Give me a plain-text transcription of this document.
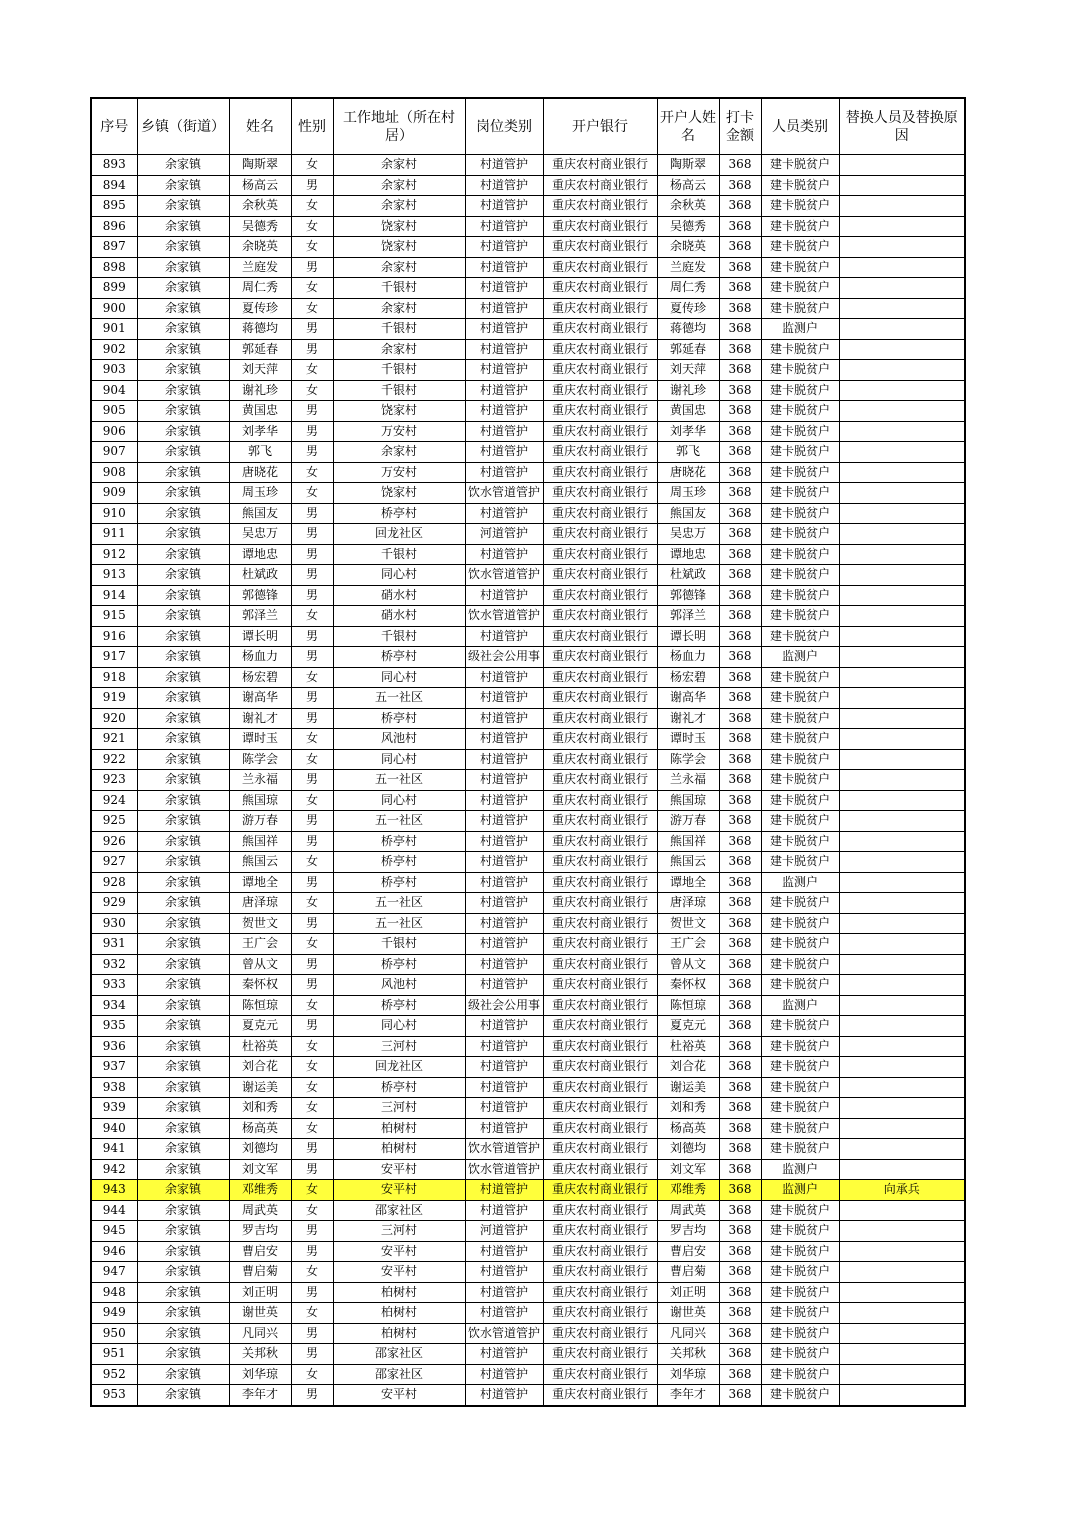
序号	乡镇（街道）	姓名	性别	工作地址（所在村居）	岗位类别	开户银行	开户人姓名	打卡金额	人员类别	替换人员及替换原因
893	余家镇	陶斯翠	女	余家村	村道管护	重庆农村商业银行	陶斯翠	368	建卡脱贫户	
894	余家镇	杨高云	男	余家村	村道管护	重庆农村商业银行	杨高云	368	建卡脱贫户	
895	余家镇	余秋英	女	余家村	村道管护	重庆农村商业银行	余秋英	368	建卡脱贫户	
896	余家镇	吴德秀	女	饶家村	村道管护	重庆农村商业银行	吴德秀	368	建卡脱贫户	
897	余家镇	余晓英	女	饶家村	村道管护	重庆农村商业银行	余晓英	368	建卡脱贫户	
898	余家镇	兰庭发	男	余家村	村道管护	重庆农村商业银行	兰庭发	368	建卡脱贫户	
899	余家镇	周仁秀	女	千银村	村道管护	重庆农村商业银行	周仁秀	368	建卡脱贫户	
900	余家镇	夏传珍	女	余家村	村道管护	重庆农村商业银行	夏传珍	368	建卡脱贫户	
901	余家镇	蒋德均	男	千银村	村道管护	重庆农村商业银行	蒋德均	368	监测户	
902	余家镇	郭延春	男	余家村	村道管护	重庆农村商业银行	郭延春	368	建卡脱贫户	
903	余家镇	刘天萍	女	千银村	村道管护	重庆农村商业银行	刘天萍	368	建卡脱贫户	
904	余家镇	谢礼珍	女	千银村	村道管护	重庆农村商业银行	谢礼珍	368	建卡脱贫户	
905	余家镇	黄国忠	男	饶家村	村道管护	重庆农村商业银行	黄国忠	368	建卡脱贫户	
906	余家镇	刘孝华	男	万安村	村道管护	重庆农村商业银行	刘孝华	368	建卡脱贫户	
907	余家镇	郭飞	男	余家村	村道管护	重庆农村商业银行	郭飞	368	建卡脱贫户	
908	余家镇	唐晓花	女	万安村	村道管护	重庆农村商业银行	唐晓花	368	建卡脱贫户	
909	余家镇	周玉珍	女	饶家村	饮水管道管护	重庆农村商业银行	周玉珍	368	建卡脱贫户	
910	余家镇	熊国友	男	桥亭村	村道管护	重庆农村商业银行	熊国友	368	建卡脱贫户	
911	余家镇	吴忠万	男	回龙社区	河道管护	重庆农村商业银行	吴忠万	368	建卡脱贫户	
912	余家镇	谭地忠	男	千银村	村道管护	重庆农村商业银行	谭地忠	368	建卡脱贫户	
913	余家镇	杜斌政	男	同心村	饮水管道管护	重庆农村商业银行	杜斌政	368	建卡脱贫户	
914	余家镇	郭德锋	男	硝水村	村道管护	重庆农村商业银行	郭德锋	368	建卡脱贫户	
915	余家镇	郭泽兰	女	硝水村	饮水管道管护	重庆农村商业银行	郭泽兰	368	建卡脱贫户	
916	余家镇	谭长明	男	千银村	村道管护	重庆农村商业银行	谭长明	368	建卡脱贫户	
917	余家镇	杨血力	男	桥亭村	级社会公用事	重庆农村商业银行	杨血力	368	监测户	
918	余家镇	杨宏碧	女	同心村	村道管护	重庆农村商业银行	杨宏碧	368	建卡脱贫户	
919	余家镇	谢高华	男	五一社区	村道管护	重庆农村商业银行	谢高华	368	建卡脱贫户	
920	余家镇	谢礼才	男	桥亭村	村道管护	重庆农村商业银行	谢礼才	368	建卡脱贫户	
921	余家镇	谭时玉	女	风池村	村道管护	重庆农村商业银行	谭时玉	368	建卡脱贫户	
922	余家镇	陈学会	女	同心村	村道管护	重庆农村商业银行	陈学会	368	建卡脱贫户	
923	余家镇	兰永福	男	五一社区	村道管护	重庆农村商业银行	兰永福	368	建卡脱贫户	
924	余家镇	熊国琼	女	同心村	村道管护	重庆农村商业银行	熊国琼	368	建卡脱贫户	
925	余家镇	游万春	男	五一社区	村道管护	重庆农村商业银行	游万春	368	建卡脱贫户	
926	余家镇	熊国祥	男	桥亭村	村道管护	重庆农村商业银行	熊国祥	368	建卡脱贫户	
927	余家镇	熊国云	女	桥亭村	村道管护	重庆农村商业银行	熊国云	368	建卡脱贫户	
928	余家镇	谭地全	男	桥亭村	村道管护	重庆农村商业银行	谭地全	368	监测户	
929	余家镇	唐泽琼	女	五一社区	村道管护	重庆农村商业银行	唐泽琼	368	建卡脱贫户	
930	余家镇	贺世文	男	五一社区	村道管护	重庆农村商业银行	贺世文	368	建卡脱贫户	
931	余家镇	王广会	女	千银村	村道管护	重庆农村商业银行	王广会	368	建卡脱贫户	
932	余家镇	曾从文	男	桥亭村	村道管护	重庆农村商业银行	曾从文	368	建卡脱贫户	
933	余家镇	秦怀权	男	风池村	村道管护	重庆农村商业银行	秦怀权	368	建卡脱贫户	
934	余家镇	陈恒琼	女	桥亭村	级社会公用事	重庆农村商业银行	陈恒琼	368	监测户	
935	余家镇	夏克元	男	同心村	村道管护	重庆农村商业银行	夏克元	368	建卡脱贫户	
936	余家镇	杜裕英	女	三河村	村道管护	重庆农村商业银行	杜裕英	368	建卡脱贫户	
937	余家镇	刘合花	女	回龙社区	村道管护	重庆农村商业银行	刘合花	368	建卡脱贫户	
938	余家镇	谢运美	女	桥亭村	村道管护	重庆农村商业银行	谢运美	368	建卡脱贫户	
939	余家镇	刘和秀	女	三河村	村道管护	重庆农村商业银行	刘和秀	368	建卡脱贫户	
940	余家镇	杨高英	女	柏树村	村道管护	重庆农村商业银行	杨高英	368	建卡脱贫户	
941	余家镇	刘德均	男	柏树村	饮水管道管护	重庆农村商业银行	刘德均	368	建卡脱贫户	
942	余家镇	刘文军	男	安平村	饮水管道管护	重庆农村商业银行	刘文军	368	监测户	
943	余家镇	邓维秀	女	安平村	村道管护	重庆农村商业银行	邓维秀	368	监测户	向承兵
944	余家镇	周武英	女	邵家社区	村道管护	重庆农村商业银行	周武英	368	建卡脱贫户	
945	余家镇	罗吉均	男	三河村	河道管护	重庆农村商业银行	罗吉均	368	建卡脱贫户	
946	余家镇	曹启安	男	安平村	村道管护	重庆农村商业银行	曹启安	368	建卡脱贫户	
947	余家镇	曹启菊	女	安平村	村道管护	重庆农村商业银行	曹启菊	368	建卡脱贫户	
948	余家镇	刘正明	男	柏树村	村道管护	重庆农村商业银行	刘正明	368	建卡脱贫户	
949	余家镇	谢世英	女	柏树村	村道管护	重庆农村商业银行	谢世英	368	建卡脱贫户	
950	余家镇	凡同兴	男	柏树村	饮水管道管护	重庆农村商业银行	凡同兴	368	建卡脱贫户	
951	余家镇	关邦秋	男	邵家社区	村道管护	重庆农村商业银行	关邦秋	368	建卡脱贫户	
952	余家镇	刘华琼	女	邵家社区	村道管护	重庆农村商业银行	刘华琼	368	建卡脱贫户	
953	余家镇	李年才	男	安平村	村道管护	重庆农村商业银行	李年才	368	建卡脱贫户	
